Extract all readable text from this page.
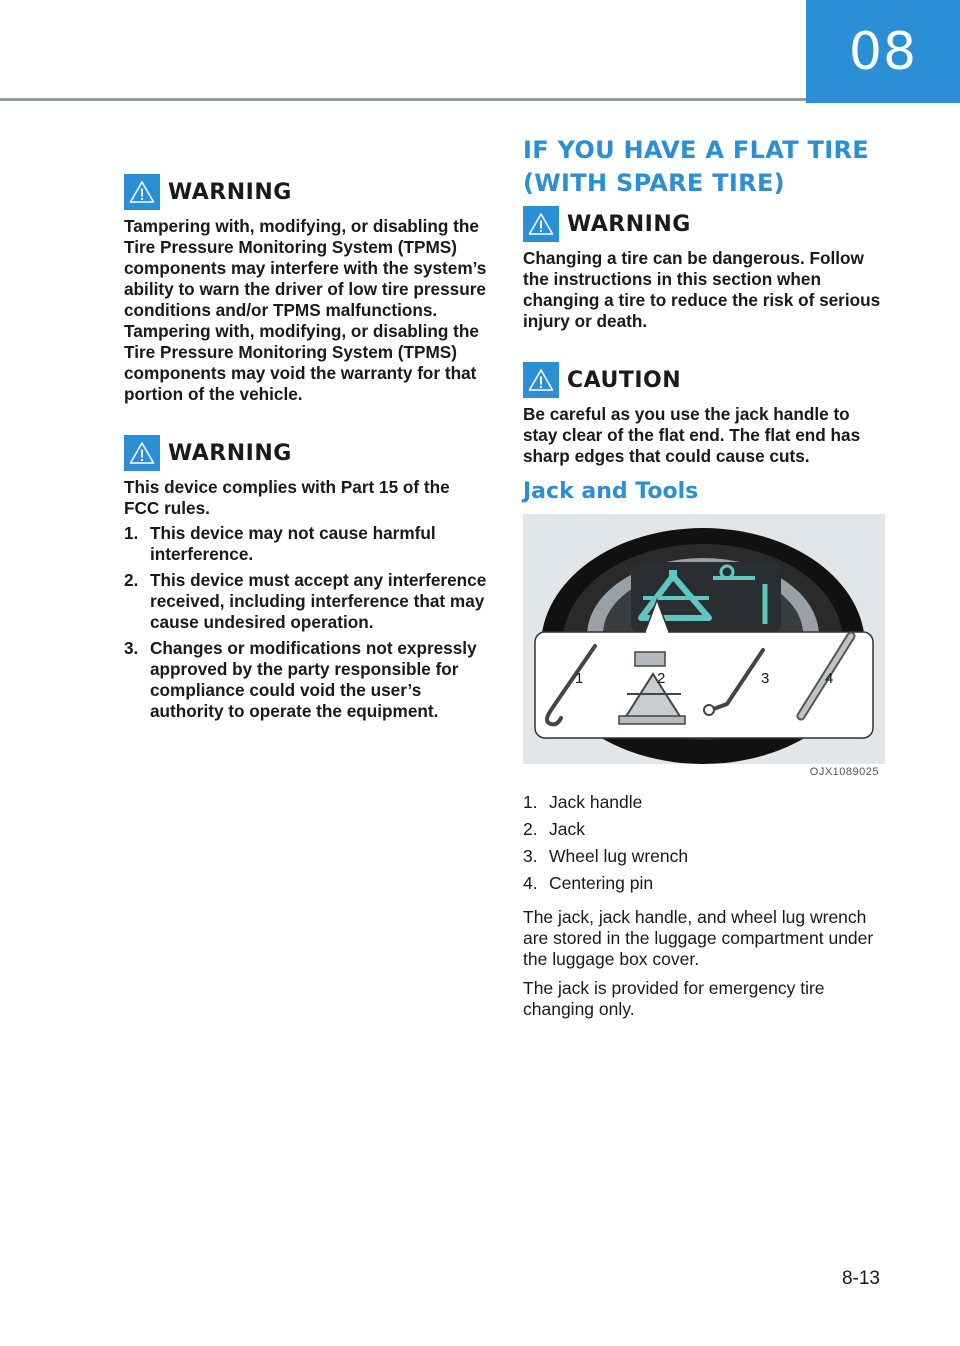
08
WARNING

Tampering with, modifying, or disabling the Tire Pressure Monitoring System (TPMS) components may interfere with the system’s ability to warn the driver of low tire pressure conditions and/or TPMS malfunctions. Tampering with, modifying, or disabling the Tire Pressure Monitoring System (TPMS) components may void the warranty for that portion of the vehicle.

WARNING

This device complies with Part 15 of the FCC rules.

1. This device may not cause harmful interference.
2. This device must accept any interference received, including interference that may cause undesired operation.
3. Changes or modifications not expressly approved by the party responsible for compliance could void the user’s authority to operate the equipment.
IF YOU HAVE A FLAT TIRE
(WITH SPARE TIRE)
WARNING

Changing a tire can be dangerous. Follow the instructions in this section when changing a tire to reduce the risk of serious injury or death.

CAUTION

Be careful as you use the jack handle to stay clear of the flat end. The flat end has sharp edges that could cause cuts.

Jack and Tools
1	2	3	4
OJX1089025
1. Jack handle
2. Jack
3. Wheel lug wrench
4. Centering pin

The jack, jack handle, and wheel lug wrench are stored in the luggage compartment under the luggage box cover.

The jack is provided for emergency tire changing only.

8-13
